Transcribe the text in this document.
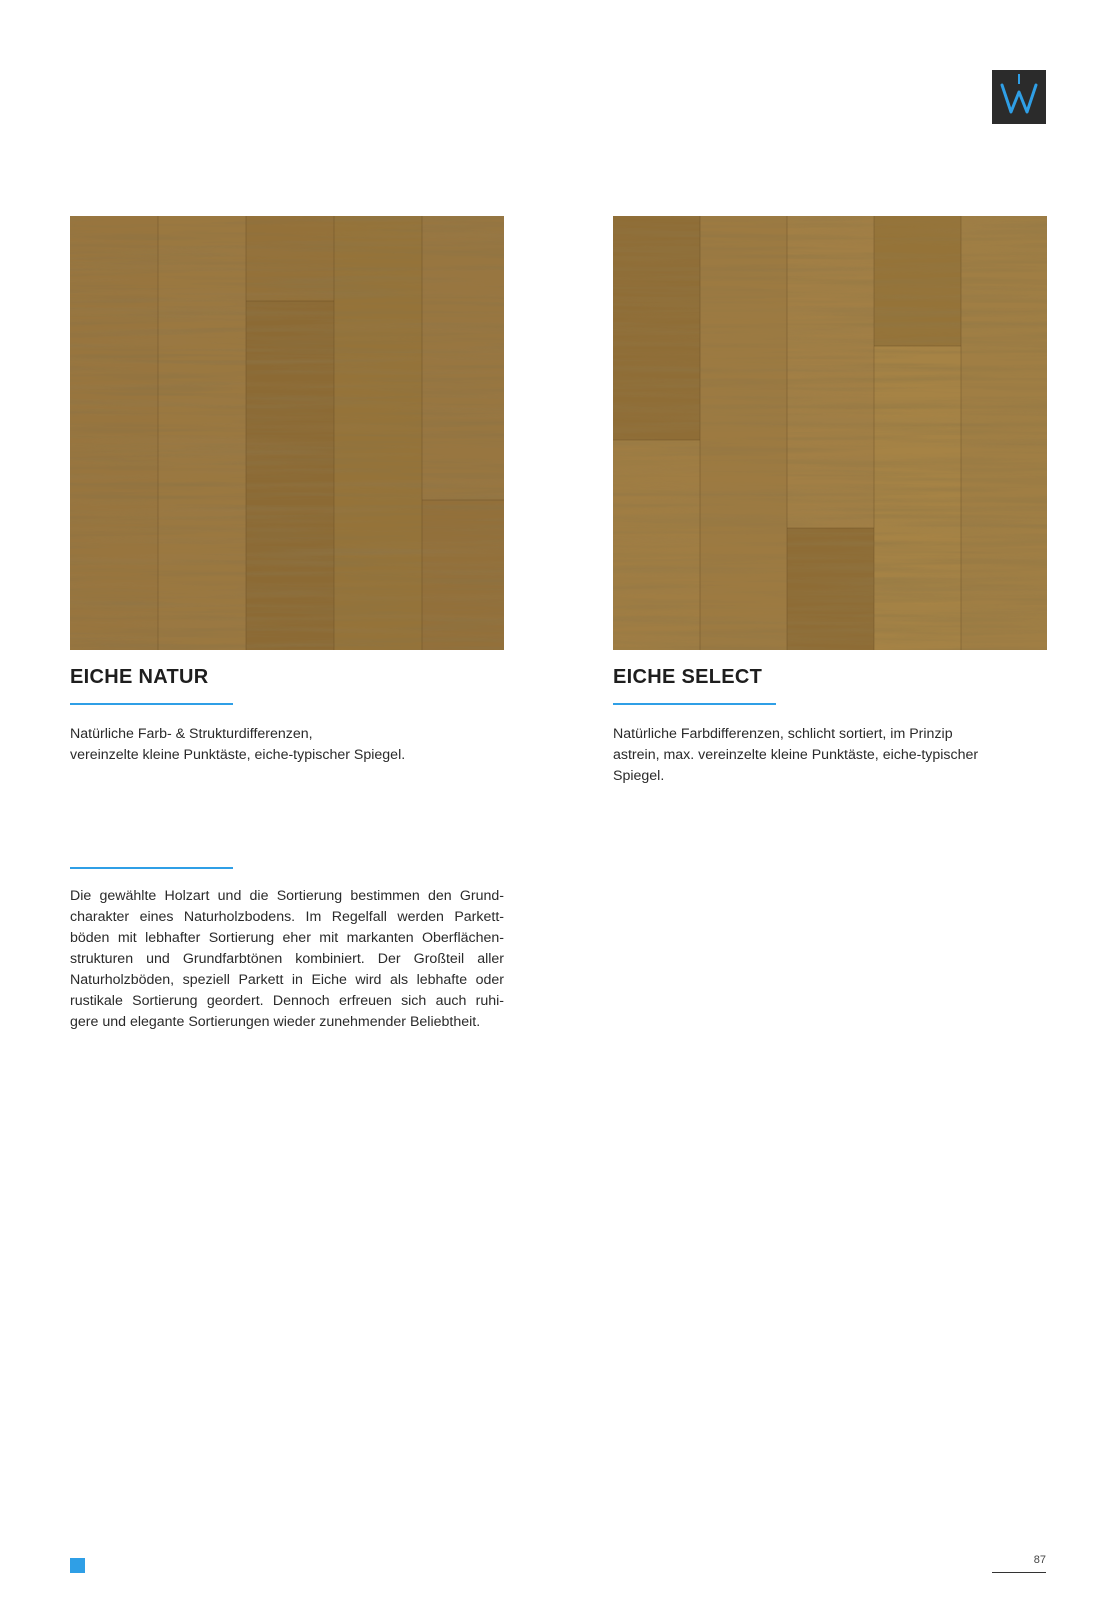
EICHE NATUR	EICHE SELECT

Natürliche Farb- & Strukturdifferenzen,
vereinzelte kleine Punktäste, eiche-typischer Spiegel.

Natürliche Farbdifferenzen, schlicht sortiert, im Prinzip
astrein, max. vereinzelte kleine Punktäste, eiche-typischer
Spiegel.

Die gewählte Holzart und die Sortierung bestimmen den Grund-
charakter eines Naturholzbodens. Im Regelfall werden Parkett-
böden mit lebhafter Sortierung eher mit markanten Oberflächen-
strukturen und Grundfarbtönen kombiniert. Der Großteil aller
Naturholzböden, speziell Parkett in Eiche wird als lebhafte oder
rustikale Sortierung geordert. Dennoch erfreuen sich auch ruhi-
gere und elegante Sortierungen wieder zunehmender Beliebtheit.

87
